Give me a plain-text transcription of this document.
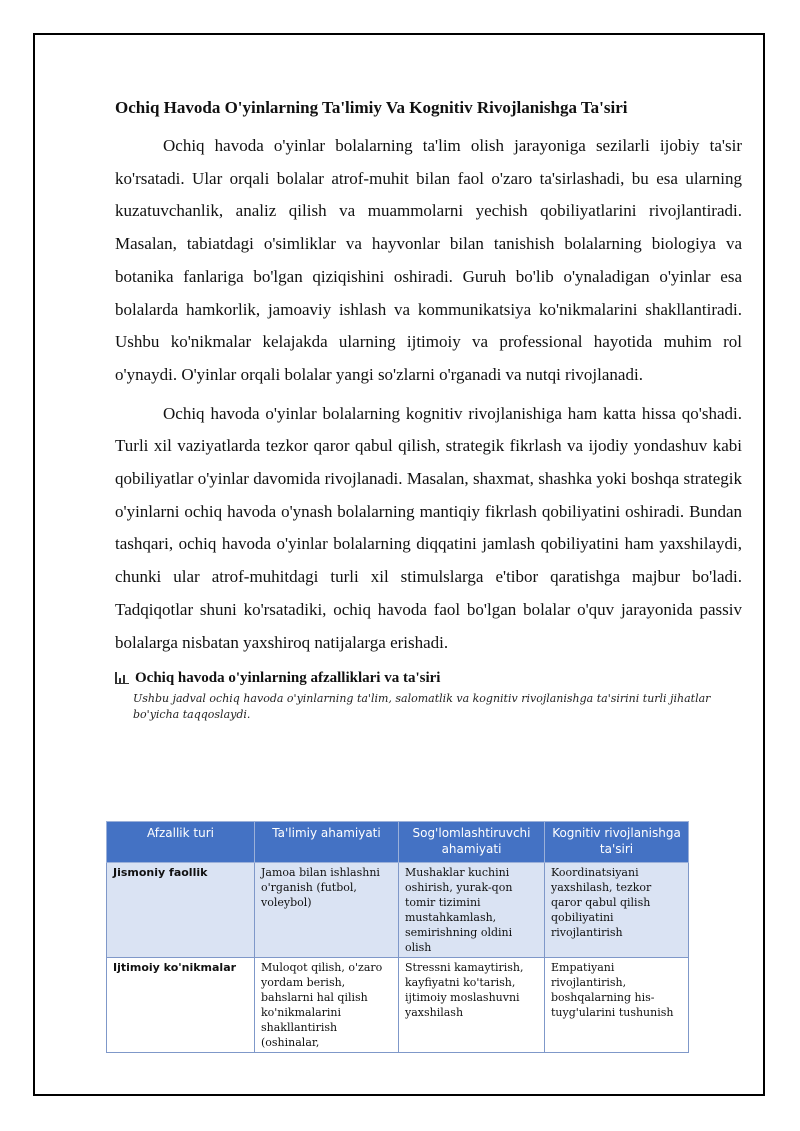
Ochiq Havoda O'yinlarning Ta'limiy Va Kognitiv Rivojlanishga Ta'siri

Ochiq havoda o'yinlar bolalarning ta'lim olish jarayoniga sezilarli ijobiy ta'sir ko'rsatadi. Ular orqali bolalar atrof-muhit bilan faol o'zaro ta'sirlashadi, bu esa ularning kuzatuvchanlik, analiz qilish va muammolarni yechish qobiliyatlarini rivojlantiradi. Masalan, tabiatdagi o'simliklar va hayvonlar bilan tanishish bolalarning biologiya va botanika fanlariga bo'lgan qiziqishini oshiradi. Guruh bo'lib o'ynaladigan o'yinlar esa bolalarda hamkorlik, jamoaviy ishlash va kommunikatsiya ko'nikmalarini shakllantiradi. Ushbu ko'nikmalar kelajakda ularning ijtimoiy va professional hayotida muhim rol o'ynaydi. O'yinlar orqali bolalar yangi so'zlarni o'rganadi va nutqi rivojlanadi.

Ochiq havoda o'yinlar bolalarning kognitiv rivojlanishiga ham katta hissa qo'shadi. Turli xil vaziyatlarda tezkor qaror qabul qilish, strategik fikrlash va ijodiy yondashuv kabi qobiliyatlar o'yinlar davomida rivojlanadi. Masalan, shaxmat, shashka yoki boshqa strategik o'yinlarni ochiq havoda o'ynash bolalarning mantiqiy fikrlash qobiliyatini oshiradi. Bundan tashqari, ochiq havoda o'yinlar bolalarning diqqatini jamlash qobiliyatini ham yaxshilaydi, chunki ular atrof-muhitdagi turli xil stimulslarga e'tibor qaratishga majbur bo'ladi. Tadqiqotlar shuni ko'rsatadiki, ochiq havoda faol bo'lgan bolalar o'quv jarayonida passiv bolalarga nisbatan yaxshiroq natijalarga erishadi.

Ochiq havoda o'yinlarning afzalliklari va ta'siri
Ushbu jadval ochiq havoda o'yinlarning ta'lim, salomatlik va kognitiv rivojlanishga ta'sirini turli jihatlar bo'yicha taqqoslaydi.
Afzallik turi	Ta'limiy ahamiyati	Sog'lomlashtiruvchi ahamiyati	Kognitiv rivojlanishga ta'siri
Jismoniy faollik	Jamoa bilan ishlashni o'rganish (futbol, voleybol)	Mushaklar kuchini oshirish, yurak-qon tomir tizimini mustahkamlash, semirishning oldini olish	Koordinatsiyani yaxshilash, tezkor qaror qabul qilish qobiliyatini rivojlantirish
Ijtimoiy ko'nikmalar	Muloqot qilish, o'zaro yordam berish, bahslarni hal qilish ko'nikmalarini shakllantirish (oshinalar,	Stressni kamaytirish, kayfiyatni ko'tarish, ijtimoiy moslashuvni yaxshilash	Empatiyani rivojlantirish, boshqalarning his-tuyg'ularini tushunish
